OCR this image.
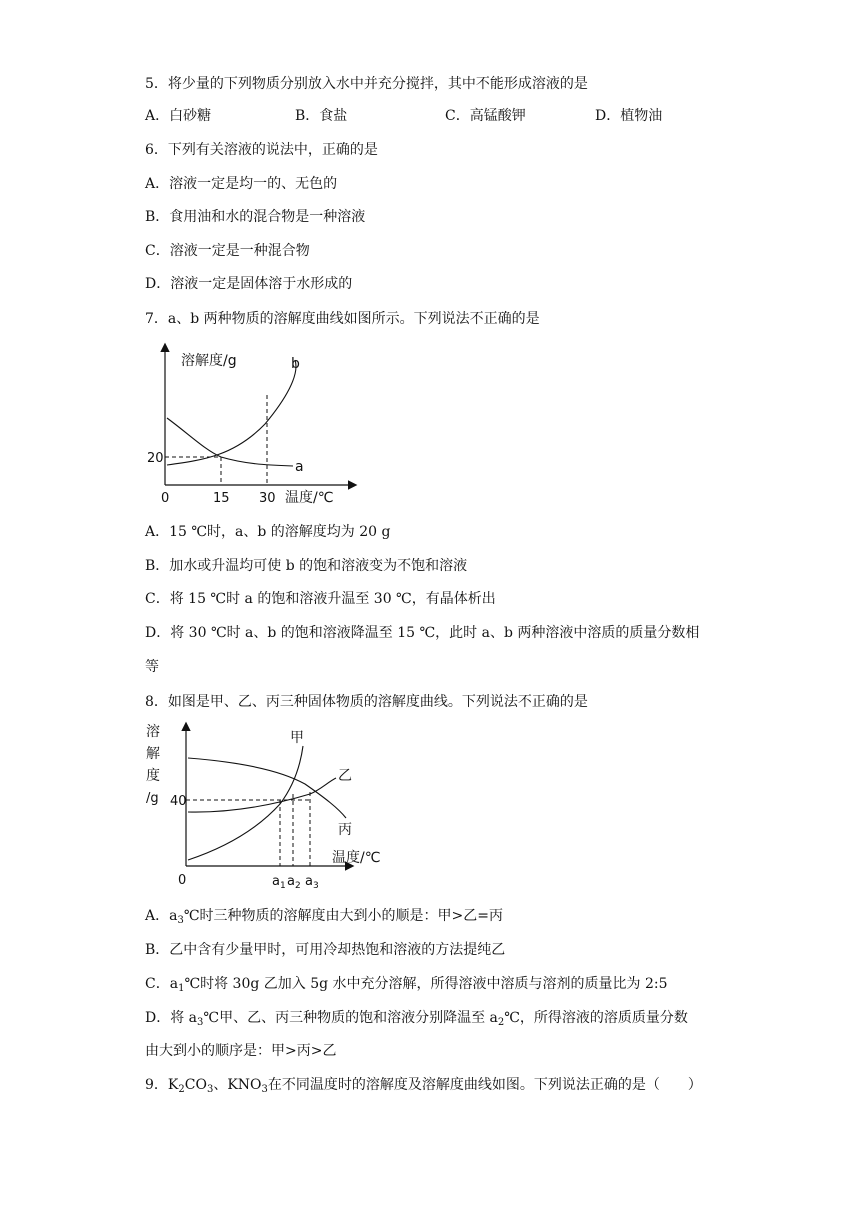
5．将少量的下列物质分别放入水中并充分搅拌，其中不能形成溶液的是
A．白砂糖	B．食盐	C．高锰酸钾	D．植物油
6．下列有关溶液的说法中，正确的是
A．溶液一定是均一的、无色的
B．食用油和水的混合物是一种溶液
C．溶液一定是一种混合物
D．溶液一定是固体溶于水形成的
7．a、b 两种物质的溶解度曲线如图所示。下列说法不正确的是
溶解度/g	b
a
20
0	15 30 温度/℃
A．15 ℃时，a、b 的溶解度均为 20 g
B．加水或升温均可使 b 的饱和溶液变为不饱和溶液
C．将 15 ℃时 a 的饱和溶液升温至 30 ℃，有晶体析出
D．将 30 ℃时 a、b 的饱和溶液降温至 15 ℃，此时 a、b 两种溶液中溶质的质量分数相
等
8．如图是甲、乙、丙三种固体物质的溶解度曲线。下列说法不正确的是
溶
解
度
/g
甲
乙
丙
40
0	$a_1$ $a_2$ $a_3$
温度/℃
A．$a_3℃$时三种物质的溶解度由大到小的顺是：甲>乙=丙
B．乙中含有少量甲时，可用冷却热饱和溶液的方法提纯乙
C．$a_1℃$时将 30g 乙加入 5g 水中充分溶解，所得溶液中溶质与溶剂的质量比为 2:5
D．将 $a_3℃$甲、乙、丙三种物质的饱和溶液分别降温至 $a_2℃$，所得溶液的溶质质量分数
由大到小的顺序是：甲>丙>乙
9．$K_2CO_3$、$KNO_3$在不同温度时的溶解度及溶解度曲线如图。下列说法正确的是（　　）
